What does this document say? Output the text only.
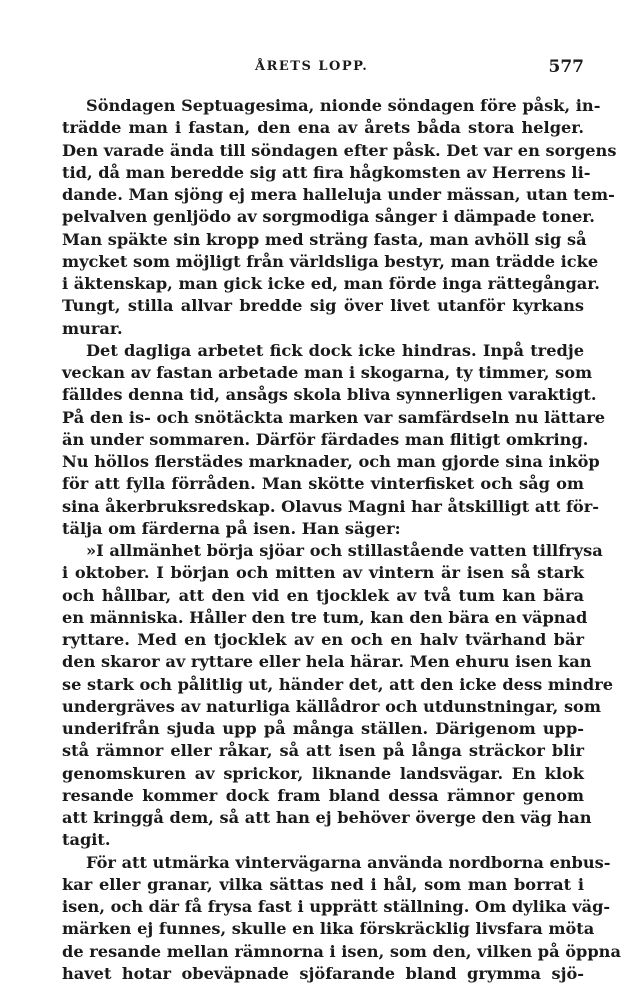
ÅRETS LOPP.	577
Söndagen Septuagesima, nionde söndagen före påsk, in-
trädde man i fastan, den ena av årets båda stora helger.
Den varade ända till söndagen efter påsk. Det var en sorgens
tid, då man beredde sig att fira hågkomsten av Herrens li-
dande. Man sjöng ej mera halleluja under mässan, utan tem-
pelvalven genljödo av sorgmodiga sånger i dämpade toner.
Man späkte sin kropp med sträng fasta, man avhöll sig så
mycket som möjligt från världsliga bestyr, man trädde icke
i äktenskap, man gick icke ed, man förde inga rättegångar.
Tungt, stilla allvar bredde sig över livet utanför kyrkans
murar.
Det dagliga arbetet fick dock icke hindras. Inpå tredje
veckan av fastan arbetade man i skogarna, ty timmer, som
fälldes denna tid, ansågs skola bliva synnerligen varaktigt.
På den is- och snötäckta marken var samfärdseln nu lättare
än under sommaren. Därför färdades man flitigt omkring.
Nu höllos flerstädes marknader, och man gjorde sina inköp
för att fylla förråden. Man skötte vinterfisket och såg om
sina åkerbruksredskap. Olavus Magni har åtskilligt att för-
tälja om färderna på isen. Han säger:
»I allmänhet börja sjöar och stillastående vatten tillfrysa
i oktober. I början och mitten av vintern är isen så stark
och hållbar, att den vid en tjocklek av två tum kan bära
en människa. Håller den tre tum, kan den bära en väpnad
ryttare. Med en tjocklek av en och en halv tvärhand bär
den skaror av ryttare eller hela härar. Men ehuru isen kan
se stark och pålitlig ut, händer det, att den icke dess mindre
undergräves av naturliga källådror och utdunstningar, som
underifrån sjuda upp på många ställen. Därigenom upp-
stå rämnor eller råkar, så att isen på långa sträckor blir
genomskuren av sprickor, liknande landsvägar. En klok
resande kommer dock fram bland dessa rämnor genom
att kringgå dem, så att han ej behöver överge den väg han
tagit.
För att utmärka vintervägarna använda nordborna enbus-
kar eller granar, vilka sättas ned i hål, som man borrat i
isen, och där få frysa fast i upprätt ställning. Om dylika väg-
märken ej funnes, skulle en lika förskräcklig livsfara möta
de resande mellan rämnorna i isen, som den, vilken på öppna
havet hotar obeväpnade sjöfarande bland grymma sjö-
